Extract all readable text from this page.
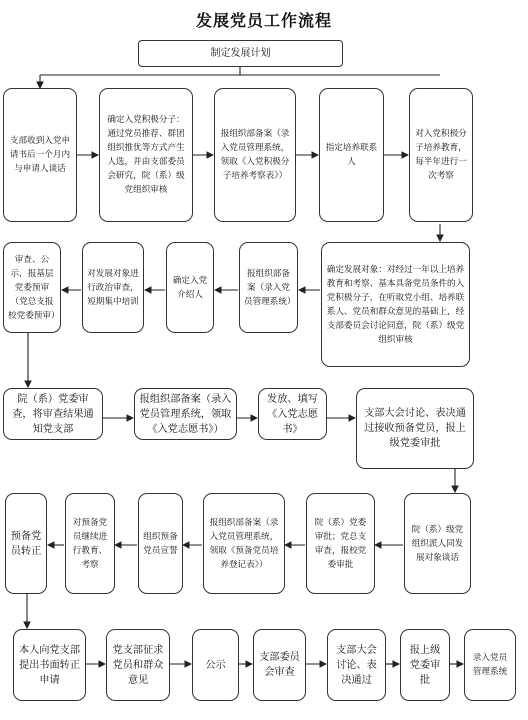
发展党员工作流程
制定发展计划
支部收到入党申请书后一个月内与申请人谈话
确定入党积极分子：通过党员推荐、群团组织推优等方式产生人选，并由支部委员会研究，院（系）级党组织审核
报组织部备案（录入党员管理系统，领取《入党积极分子培养考察表》）
指定培养联系人
对入党积极分子培养教育，每半年进行一次考察
审查、公示，报基层党委预审（党总支报校党委预审）
对发展对象进行政治审查，短期集中培训
确定入党介绍人
报组织部备案（录入党员管理系统）
确定发展对象：对经过一年以上培养教育和考察、基本具备党员条件的入党积极分子，在听取党小组、培养联系人、党员和群众意见的基础上，经支部委员会讨论同意，院（系）级党组织审核
院（系）党委审查，将审查结果通知党支部
报组织部备案（录入党员管理系统，领取《入党志愿书》）
发放、填写《入党志愿书》
支部大会讨论、表决通过接收预备党员，报上级党委审批
预备党员转正
对预备党员继续进行教育、考察
组织预备党员宣誓
报组织部备案（录入党员管理系统，领取《预备党员培养登记表》）
院（系）党委审批；党总支审查，报校党委审批
院（系）级党组织派人同发展对象谈话
本人向党支部提出书面转正申请
党支部征求党员和群众意见
公示
支部委员会审查
支部大会讨论、表决通过
报上级党委审批
录入党员管理系统
